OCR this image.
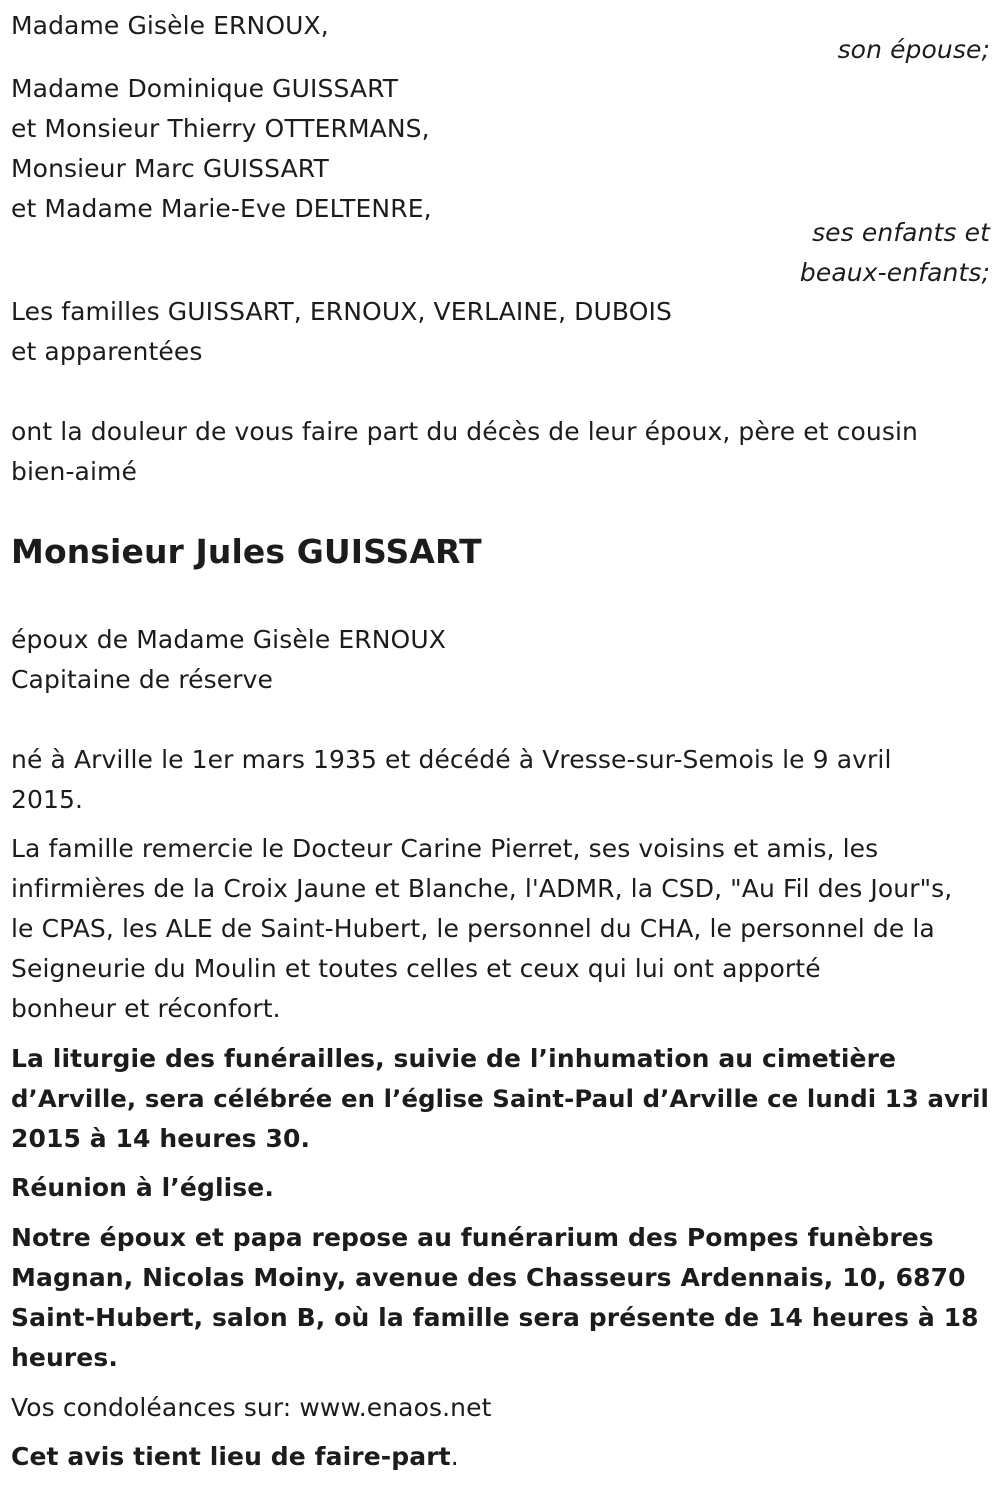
Madame Gisèle ERNOUX,
son épouse;
Madame Dominique GUISSART
et Monsieur Thierry OTTERMANS,
Monsieur Marc GUISSART
et Madame Marie-Eve DELTENRE,
ses enfants et
beaux-enfants;
Les familles GUISSART, ERNOUX, VERLAINE, DUBOIS
et apparentées
ont la douleur de vous faire part du décès de leur époux, père et cousin
bien-aimé
Monsieur Jules GUISSART
époux de Madame Gisèle ERNOUX
Capitaine de réserve
né à Arville le 1er mars 1935 et décédé à Vresse-sur-Semois le 9 avril
2015.
La famille remercie le Docteur Carine Pierret, ses voisins et amis, les
infirmières de la Croix Jaune et Blanche, l'ADMR, la CSD, "Au Fil des Jour"s,
le CPAS, les ALE de Saint-Hubert, le personnel du CHA, le personnel de la
Seigneurie du Moulin et toutes celles et ceux qui lui ont apporté
bonheur et réconfort.
La liturgie des funérailles, suivie de l’inhumation au cimetière
d’Arville, sera célébrée en l’église Saint-Paul d’Arville ce lundi 13 avril
2015 à 14 heures 30.
Réunion à l’église.
Notre époux et papa repose au funérarium des Pompes funèbres
Magnan, Nicolas Moiny, avenue des Chasseurs Ardennais, 10, 6870
Saint-Hubert, salon B, où la famille sera présente de 14 heures à 18
heures.
Vos condoléances sur: www.enaos.net
Cet avis tient lieu de faire-part.
